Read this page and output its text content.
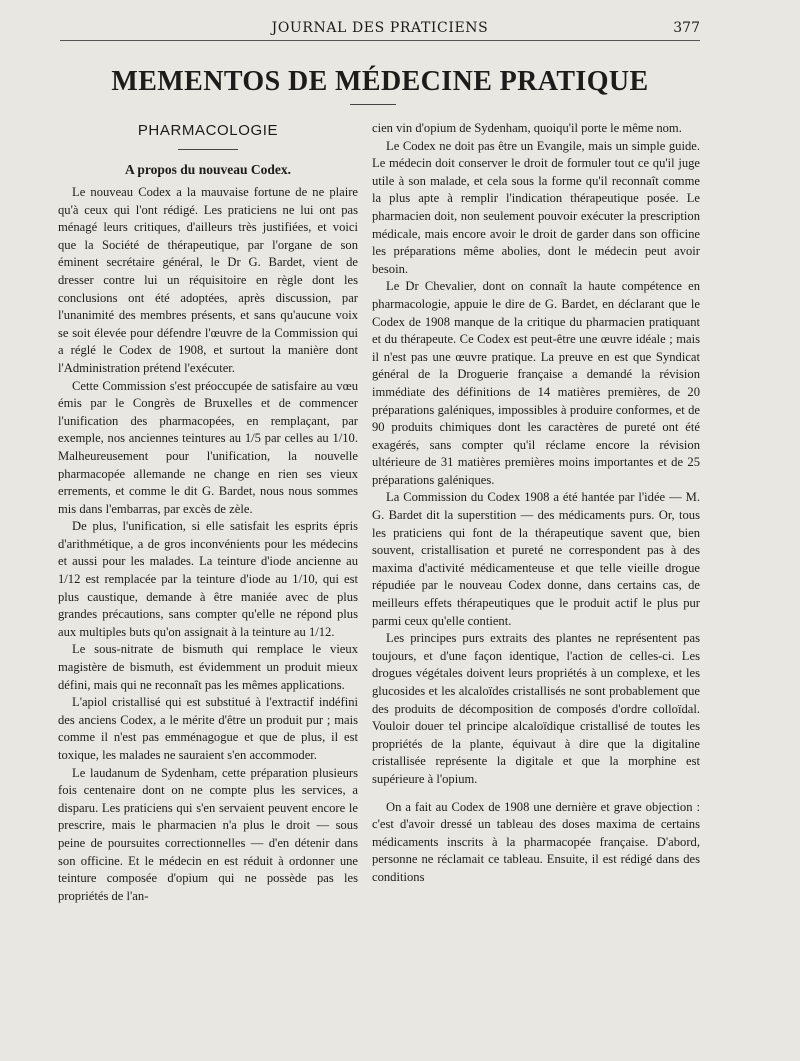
JOURNAL DES PRATICIENS	377
MEMENTOS DE MÉDECINE PRATIQUE
PHARMACOLOGIE
A propos du nouveau Codex.

Le nouveau Codex a la mauvaise fortune de ne plaire qu'à ceux qui l'ont rédigé. Les praticiens ne lui ont pas ménagé leurs critiques, d'ailleurs très justifiées, et voici que la Société de thérapeutique, par l'organe de son éminent secrétaire général, le Dr G. Bardet, vient de dresser contre lui un réquisitoire en règle dont les conclusions ont été adoptées, après discussion, par l'unanimité des membres présents, et sans qu'aucune voix se soit élevée pour défendre l'œuvre de la Commission qui a réglé le Codex de 1908, et surtout la manière dont l'Administration prétend l'exécuter.

Cette Commission s'est préoccupée de satisfaire au vœu émis par le Congrès de Bruxelles et de commencer l'unification des pharmacopées, en remplaçant, par exemple, nos anciennes teintures au 1/5 par celles au 1/10. Malheureusement pour l'unification, la nouvelle pharmacopée allemande ne change en rien ses vieux errements, et comme le dit G. Bardet, nous nous sommes mis dans l'embarras, par excès de zèle.

De plus, l'unification, si elle satisfait les esprits épris d'arithmétique, a de gros inconvénients pour les médecins et aussi pour les malades. La teinture d'iode ancienne au 1/12 est remplacée par la teinture d'iode au 1/10, qui est plus caustique, demande à être maniée avec de plus grandes précautions, sans compter qu'elle ne répond plus aux multiples buts qu'on assignait à la teinture au 1/12.

Le sous-nitrate de bismuth qui remplace le vieux magistère de bismuth, est évidemment un produit mieux défini, mais qui ne reconnaît pas les mêmes applications.

L'apiol cristallisé qui est substitué à l'extractif indéfini des anciens Codex, a le mérite d'être un produit pur ; mais comme il n'est pas emménagogue et que de plus, il est toxique, les malades ne sauraient s'en accommoder.

Le laudanum de Sydenham, cette préparation plusieurs fois centenaire dont on ne compte plus les services, a disparu. Les praticiens qui s'en servaient peuvent encore le prescrire, mais le pharmacien n'a plus le droit — sous peine de poursuites correctionnelles — d'en détenir dans son officine. Et le médecin en est réduit à ordonner une teinture composée d'opium qui ne possède pas les propriétés de l'an-

cien vin d'opium de Sydenham, quoiqu'il porte le même nom.

Le Codex ne doit pas être un Evangile, mais un simple guide. Le médecin doit conserver le droit de formuler tout ce qu'il juge utile à son malade, et cela sous la forme qu'il reconnaît comme la plus apte à remplir l'indication thérapeutique posée. Le pharmacien doit, non seulement pouvoir exécuter la prescription médicale, mais encore avoir le droit de garder dans son officine les préparations même abolies, dont le médecin peut avoir besoin.

Le Dr Chevalier, dont on connaît la haute compétence en pharmacologie, appuie le dire de G. Bardet, en déclarant que le Codex de 1908 manque de la critique du pharmacien pratiquant et du thérapeute. Ce Codex est peut-être une œuvre idéale ; mais il n'est pas une œuvre pratique. La preuve en est que Syndicat général de la Droguerie française a demandé la révision immédiate des définitions de 14 matières premières, de 20 préparations galéniques, impossibles à produire conformes, et de 90 produits chimiques dont les caractères de pureté ont été exagérés, sans compter qu'il réclame encore la révision ultérieure de 31 matières premières moins importantes et de 25 préparations galéniques.

La Commission du Codex 1908 a été hantée par l'idée — M. G. Bardet dit la superstition — des médicaments purs. Or, tous les praticiens qui font de la thérapeutique savent que, bien souvent, cristallisation et pureté ne correspondent pas à des maxima d'activité médicamenteuse et que telle vieille drogue répudiée par le nouveau Codex donne, dans certains cas, de meilleurs effets thérapeutiques que le produit actif le plus pur parmi ceux qu'elle contient.

Les principes purs extraits des plantes ne représentent pas toujours, et d'une façon identique, l'action de celles-ci. Les drogues végétales doivent leurs propriétés à un complexe, et les glucosides et les alcaloïdes cristallisés ne sont probablement que des produits de décomposition de composés d'ordre colloïdal. Vouloir douer tel principe alcaloïdique cristallisé de toutes les propriétés de la plante, équivaut à dire que la digitaline cristallisée représente la digitale et que la morphine est supérieure à l'opium.

On a fait au Codex de 1908 une dernière et grave objection : c'est d'avoir dressé un tableau des doses maxima de certains médicaments inscrits à la pharmacopée française. D'abord, personne ne réclamait ce tableau. Ensuite, il est rédigé dans des conditions
